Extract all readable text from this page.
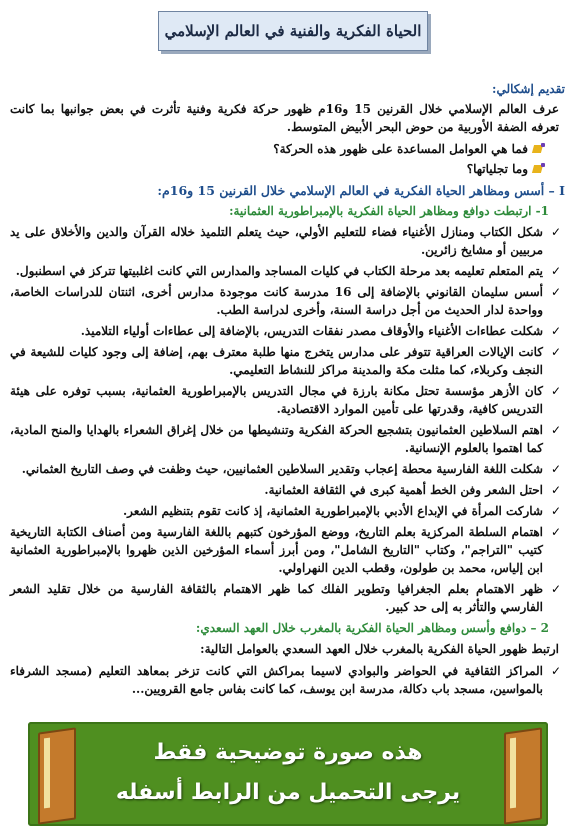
الحياة الفكرية والفنية في العالم الإسلامي
تقديم إشكالي:
عرف العالم الإسلامي خلال القرنين 15 و16م ظهور حركة فكرية وفنية تأثرت في بعض جوانبها بما كانت تعرفه الضفة الأوربية من حوض البحر الأبيض المتوسط.
فما هي العوامل المساعدة على ظهور هذه الحركة؟
وما تجلياتها؟
I – أسس ومظاهر الحياة الفكرية في العالم الإسلامي خلال القرنين 15 و16م:
1- ارتبطت دوافع ومظاهر الحياة الفكرية بالإمبراطورية العثمانية:
✓
شكل الكتاب ومنازل الأغنياء فضاء للتعليم الأولي، حيث يتعلم التلميذ خلاله القرآن والدين والأخلاق على يد مربيين أو مشايخ زائرين.
✓
يتم المتعلم تعليمه بعد مرحلة الكتاب في كليات المساجد والمدارس التي كانت اغلبيتها تتركز في اسطنبول.
✓
أسس سليمان القانوني بالإضافة إلى 16 مدرسة كانت موجودة مدارس أخرى، اثنتان للدراسات الخاصة، وواحدة لدار الحديث من أجل دراسة السنة، وأخرى لدراسة الطب.
✓
شكلت عطاءات الأغنياء والأوقاف مصدر نفقات التدريس، بالإضافة إلى عطاءات أولياء التلاميذ.
✓
كانت الإيالات العراقية تتوفر على مدارس يتخرج منها طلبة معترف بهم، إضافة إلى وجود كليات للشيعة في النجف وكربلاء، كما مثلت مكة والمدينة مراكز للنشاط التعليمي.
✓
كان الأزهر مؤسسة تحتل مكانة بارزة في مجال التدريس بالإمبراطورية العثمانية، بسبب توفره على هيئة التدريس كافية، وقدرتها على تأمين الموارد الاقتصادية.
✓
اهتم السلاطين العثمانيون بتشجيع الحركة الفكرية وتنشيطها من خلال إغراق الشعراء بالهدايا والمنح المادية، كما اهتموا بالعلوم الإنسانية.
✓
شكلت اللغة الفارسية محطة إعجاب وتقدير السلاطين العثمانيين، حيث وظفت في وصف التاريخ العثماني.
✓
احتل الشعر وفن الخط أهمية كبرى في الثقافة العثمانية.
✓
شاركت المرأة في الإبداع الأدبي بالإمبراطورية العثمانية، إذ كانت تقوم بتنظيم الشعر.
✓
اهتمام السلطة المركزية بعلم التاريخ، ووضع المؤرخون كتبهم باللغة الفارسية ومن أصناف الكتابة التاريخية كتيب "التراجم"، وكتاب "التاريخ الشامل"، ومن أبرز أسماء المؤرخين الذين ظهروا بالإمبراطورية العثمانية ابن إلياس، محمد بن طولون، وقطب الدين النهراولي.
✓
ظهر الاهتمام بعلم الجغرافيا وتطوير الفلك كما ظهر الاهتمام بالثقافة الفارسية من خلال تقليد الشعر الفارسي والتأثر به إلى حد كبير.
2 – دوافع وأسس ومظاهر الحياة الفكرية بالمغرب خلال العهد السعدي:
ارتبط ظهور الحياة الفكرية بالمغرب خلال العهد السعدي بالعوامل التالية:
✓
المراكز الثقافية في الحواضر والبوادي لاسيما بمراكش التي كانت تزخر بمعاهد التعليم (مسجد الشرفاء بالمواسين، مسجد باب دكالة، مدرسة ابن يوسف، كما كانت بفاس جامع القرويين...
هذه صورة توضيحية فقط
يرجى التحميل من الرابط أسفله
